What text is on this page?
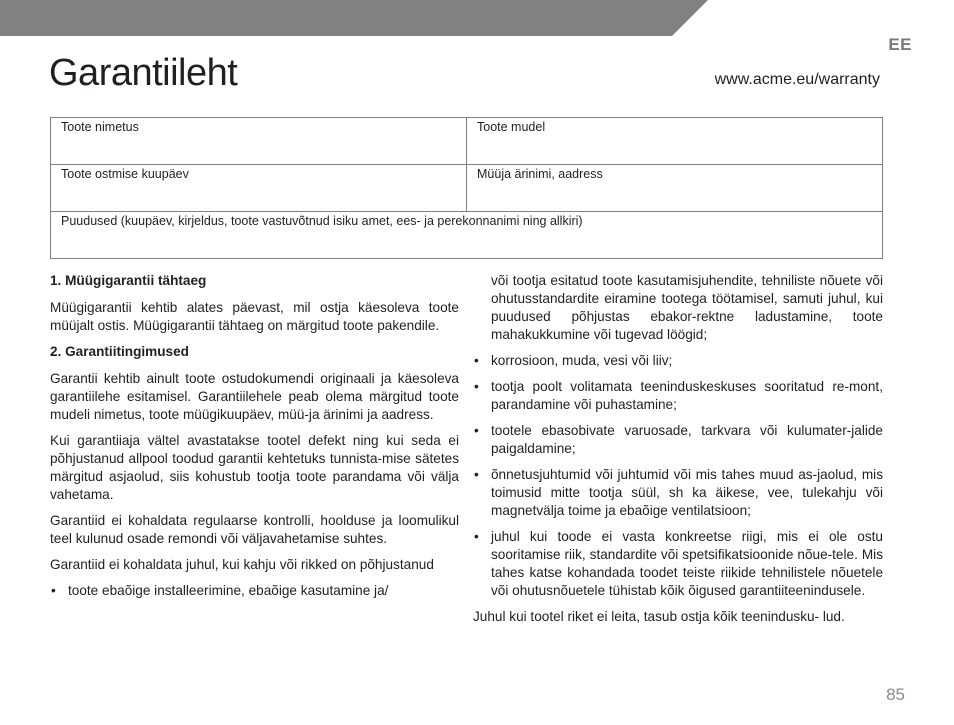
EE
Garantiileht	www.acme.eu/warranty
Toote nimetus	Toote mudel
Toote ostmise kuupäev	Müüja ärinimi, aadress
Puudused (kuupäev, kirjeldus, toote vastuvõtnud isiku amet, ees- ja perekonnanimi ning allkiri)	
1. Müügigarantii tähtaeg

Müügigarantii kehtib alates päevast, mil ostja käesoleva toote müüjalt ostis. Müügigarantii tähtaeg on märgitud toote pakendile.

2. Garantiitingimused

Garantii kehtib ainult toote ostudokumendi originaali ja käesoleva garantiilehe esitamisel. Garantiilehele peab olema märgitud toote mudeli nimetus, toote müügikuupäev, müü-ja ärinimi ja aadress.

Kui garantiiaja vältel avastatakse tootel defekt ning kui seda ei põhjustanud allpool toodud garantii kehtetuks tunnista-mise sätetes märgitud asjaolud, siis kohustub tootja toote parandama või välja vahetama.

Garantiid ei kohaldata regulaarse kontrolli, hoolduse ja loomulikul teel kulunud osade remondi või väljavahetamise suhtes.

Garantiid ei kohaldata juhul, kui kahju või rikked on põhjustanud

• toote ebaõige installeerimine, ebaõige kasutamine ja/
või tootja esitatud toote kasutamisjuhendite, tehniliste nõuete või ohutusstandardite eiramine tootega töötamisel, samuti juhul, kui puudused põhjustas ebakor-rektne ladustamine, toote mahakukkumine või tugevad löögid;
• korrosioon, muda, vesi või liiv;
• tootja poolt volitamata teeninduskeskuses sooritatud re-mont, parandamine või puhastamine;
• tootele ebasobivate varuosade, tarkvara või kulumater-jalide paigaldamine;
• õnnetusjuhtumid või juhtumid või mis tahes muud as-jaolud, mis toimusid mitte tootja süül, sh ka äikese, vee, tulekahju või magnetvälja toime ja ebaõige ventilatsioon;
• juhul kui toode ei vasta konkreetse riigi, mis ei ole ostu sooritamise riik, standardite või spetsifikatsioonide nõue-tele. Mis tahes katse kohandada toodet teiste riikide tehnilistele nõuetele või ohutusnõuetele tühistab kõik õigused garantiiteenindusele.

Juhul kui tootel riket ei leita, tasub ostja kõik teenindusku- lud.

85
